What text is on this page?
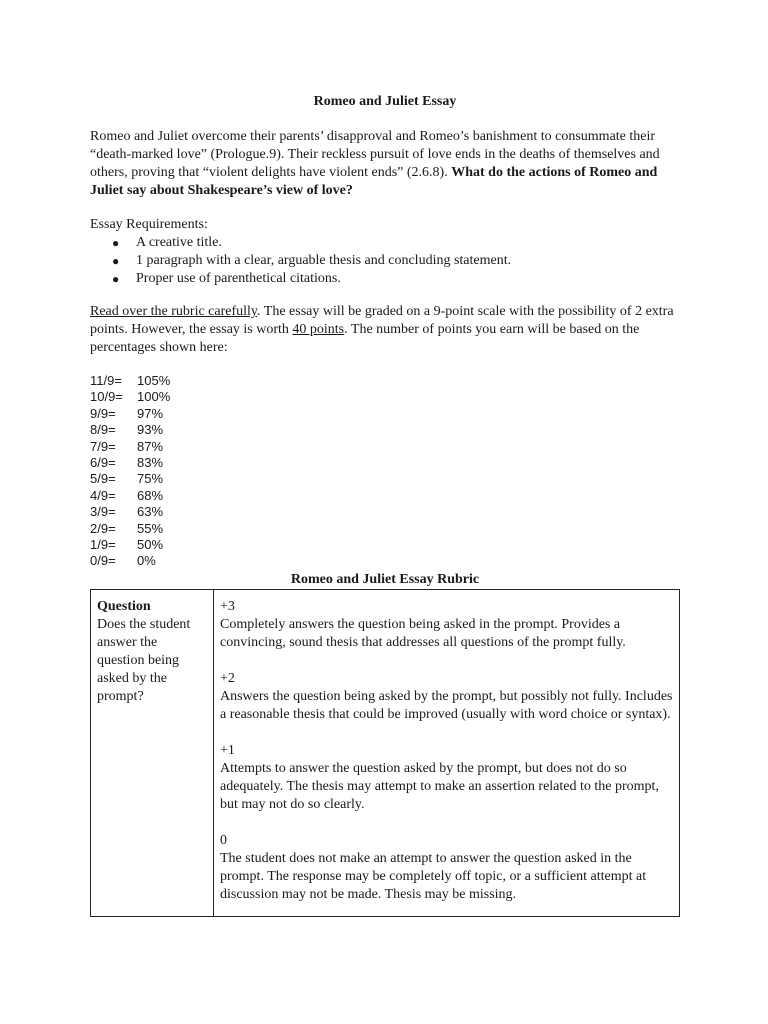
Romeo and Juliet Essay
Romeo and Juliet overcome their parents’ disapproval and Romeo’s banishment to consummate their “death-marked love” (Prologue.9). Their reckless pursuit of love ends in the deaths of themselves and others, proving that “violent delights have violent ends” (2.6.8). What do the actions of Romeo and Juliet say about Shakespeare’s view of love?
Essay Requirements:
● A creative title.
● 1 paragraph with a clear, arguable thesis and concluding statement.
● Proper use of parenthetical citations.
Read over the rubric carefully. The essay will be graded on a 9-point scale with the possibility of 2 extra points. However, the essay is worth 40 points. The number of points you earn will be based on the percentages shown here:
11/9= 105%
10/9= 100%
9/9= 97%
8/9= 93%
7/9= 87%
6/9= 83%
5/9= 75%
4/9= 68%
3/9= 63%
2/9= 55%
1/9= 50%
0/9= 0%
Romeo and Juliet Essay Rubric
Question
Does the student answer the question being asked by the prompt?

+3
Completely answers the question being asked in the prompt. Provides a convincing, sound thesis that addresses all questions of the prompt fully.
+2
Answers the question being asked by the prompt, but possibly not fully. Includes a reasonable thesis that could be improved (usually with word choice or syntax).
+1
Attempts to answer the question asked by the prompt, but does not do so adequately. The thesis may attempt to make an assertion related to the prompt, but may not do so clearly.
0
The student does not make an attempt to answer the question asked in the prompt. The response may be completely off topic, or a sufficient attempt at discussion may not be made. Thesis may be missing.
